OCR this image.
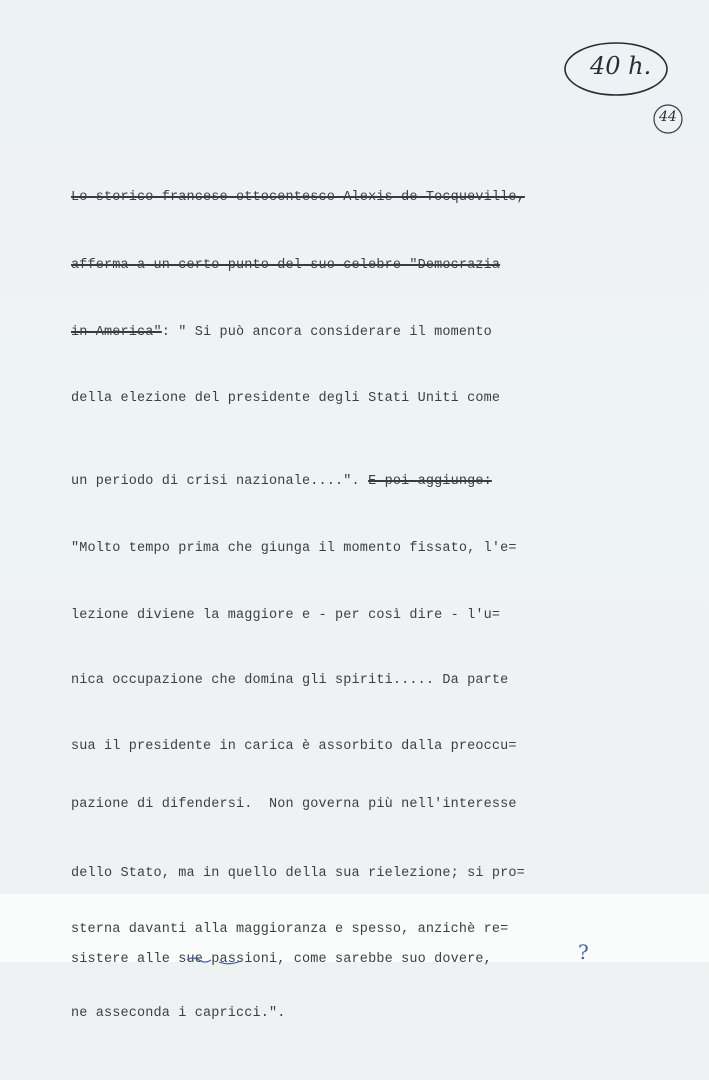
40 h.
44

Lo storico francese ottocentesco Alexis de Tocqueville,

afferma a un certo punto del suo celebre "Democrazia

in America": " Si può ancora considerare il momento

della elezione del presidente degli Stati Uniti come

un periodo di crisi nazionale....". E poi aggiunge:

"Molto tempo prima che giunga il momento fissato, l'e=

lezione diviene la maggiore e - per così dire - l'u=

nica occupazione che domina gli spiriti..... Da parte

sua il presidente in carica è assorbito dalla preoccu=

pazione di difendersi.  Non governa più nell'interesse

dello Stato, ma in quello della sua rielezione; si pro=

sterna davanti alla maggioranza e spesso, anzichè re=

sistere alle sue passioni, come sarebbe suo dovere,

ne asseconda i capricci.".

?
